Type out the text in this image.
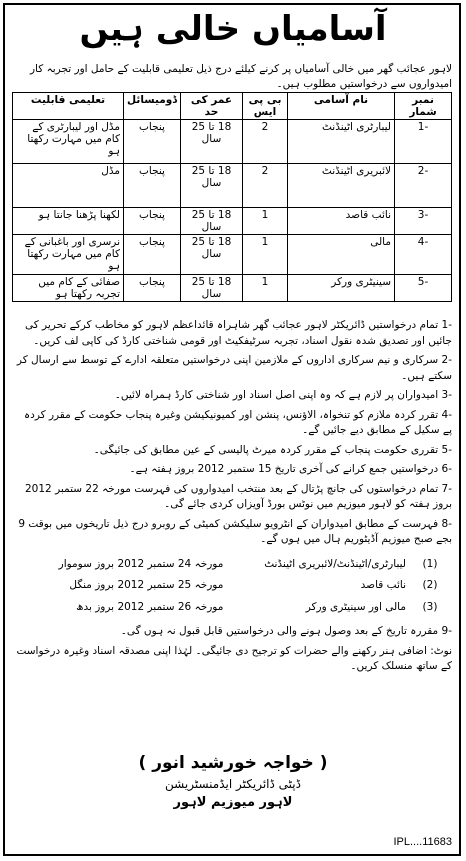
آسامیاں خالی ہیں
لاہور عجائب گھر میں خالی آسامیاں پر کرنے کیلئے درج ذیل تعلیمی قابلیت کے حامل اور تجربہ کار امیدواروں سے درخواستیں مطلوب ہیں۔
نمبر شمار	نام آسامی	بی پی ایس	عمر کی حد	ڈومیسائل	تعلیمی قابلیت
-1	لیبارٹری اٹینڈنٹ	2	18 تا 25 سال	پنجاب	مڈل اور لیبارٹری کے کام میں مہارت رکھتا ہو
-2	لائبریری اٹینڈنٹ	2	18 تا 25 سال	پنجاب	مڈل
-3	نائب قاصد	1	18 تا 25 سال	پنجاب	لکھنا پڑھنا جانتا ہو
-4	مالی	1	18 تا 25 سال	پنجاب	نرسری اور باغبانی کے کام میں مہارت رکھتا ہو
-5	سینیٹری ورکر	1	18 تا 25 سال	پنجاب	صفائی کے کام میں تجربہ رکھتا ہو

-1 تمام درخواستیں ڈائریکٹر لاہور عجائب گھر شاہراہ قائداعظم لاہور کو مخاطب کرکے تحریر کی جائیں اور تصدیق شدہ نقول اسناد، تجربہ سرٹیفکیٹ اور قومی شناختی کارڈ کی کاپی لف کریں۔

-2 سرکاری و نیم سرکاری اداروں کے ملازمین اپنی درخواستیں متعلقہ ادارے کے توسط سے ارسال کر سکتے ہیں۔

-3 امیدواران پر لازم ہے کہ وہ اپنی اصل اسناد اور شناختی کارڈ ہمراہ لائیں۔

-4 تقرر کردہ ملازم کو تنخواہ، الاؤنس، پنشن اور کمیونیکیشن وغیرہ پنجاب حکومت کے مقرر کردہ پے سکیل کے مطابق دیے جائیں گے۔

-5 تقرری حکومت پنجاب کے مقرر کردہ میرٹ پالیسی کے عین مطابق کی جائیگی۔

-6 درخواستیں جمع کرانے کی آخری تاریخ 15 ستمبر 2012 بروز ہفتہ ہے۔

-7 تمام درخواستوں کی جانچ پڑتال کے بعد منتخب امیدواروں کی فہرست مورخہ 22 ستمبر 2012 بروز ہفتہ کو لاہور میوزیم میں نوٹس بورڈ آویزاں کردی جائے گی۔

-8 فہرست کے مطابق امیدواران کے انٹرویو سلیکشن کمیٹی کے روبرو درج ذیل تاریخوں میں بوقت 9 بجے صبح میوزیم آڈیٹوریم ہال میں ہوں گے۔

(1)	لیبارٹری/اٹینڈنٹ/لائبریری اٹینڈنٹ	مورخہ 24 ستمبر 2012 بروز سوموار
(2)	نائب قاصد	مورخہ 25 ستمبر 2012 بروز منگل
(3)	مالی اور سینیٹری ورکر	مورخہ 26 ستمبر 2012 بروز بدھ

-9 مقررہ تاریخ کے بعد وصول ہونے والی درخواستیں قابل قبول نہ ہوں گی۔

نوٹ: اضافی ہنر رکھنے والے حضرات کو ترجیح دی جائیگی۔ لہٰذا اپنی مصدقہ اسناد وغیرہ درخواست کے ساتھ منسلک کریں۔

( خواجہ خورشید انور )
ڈپٹی ڈائریکٹر ایڈمنسٹریشن
لاہور میوزیم لاہور
IPL....11683
